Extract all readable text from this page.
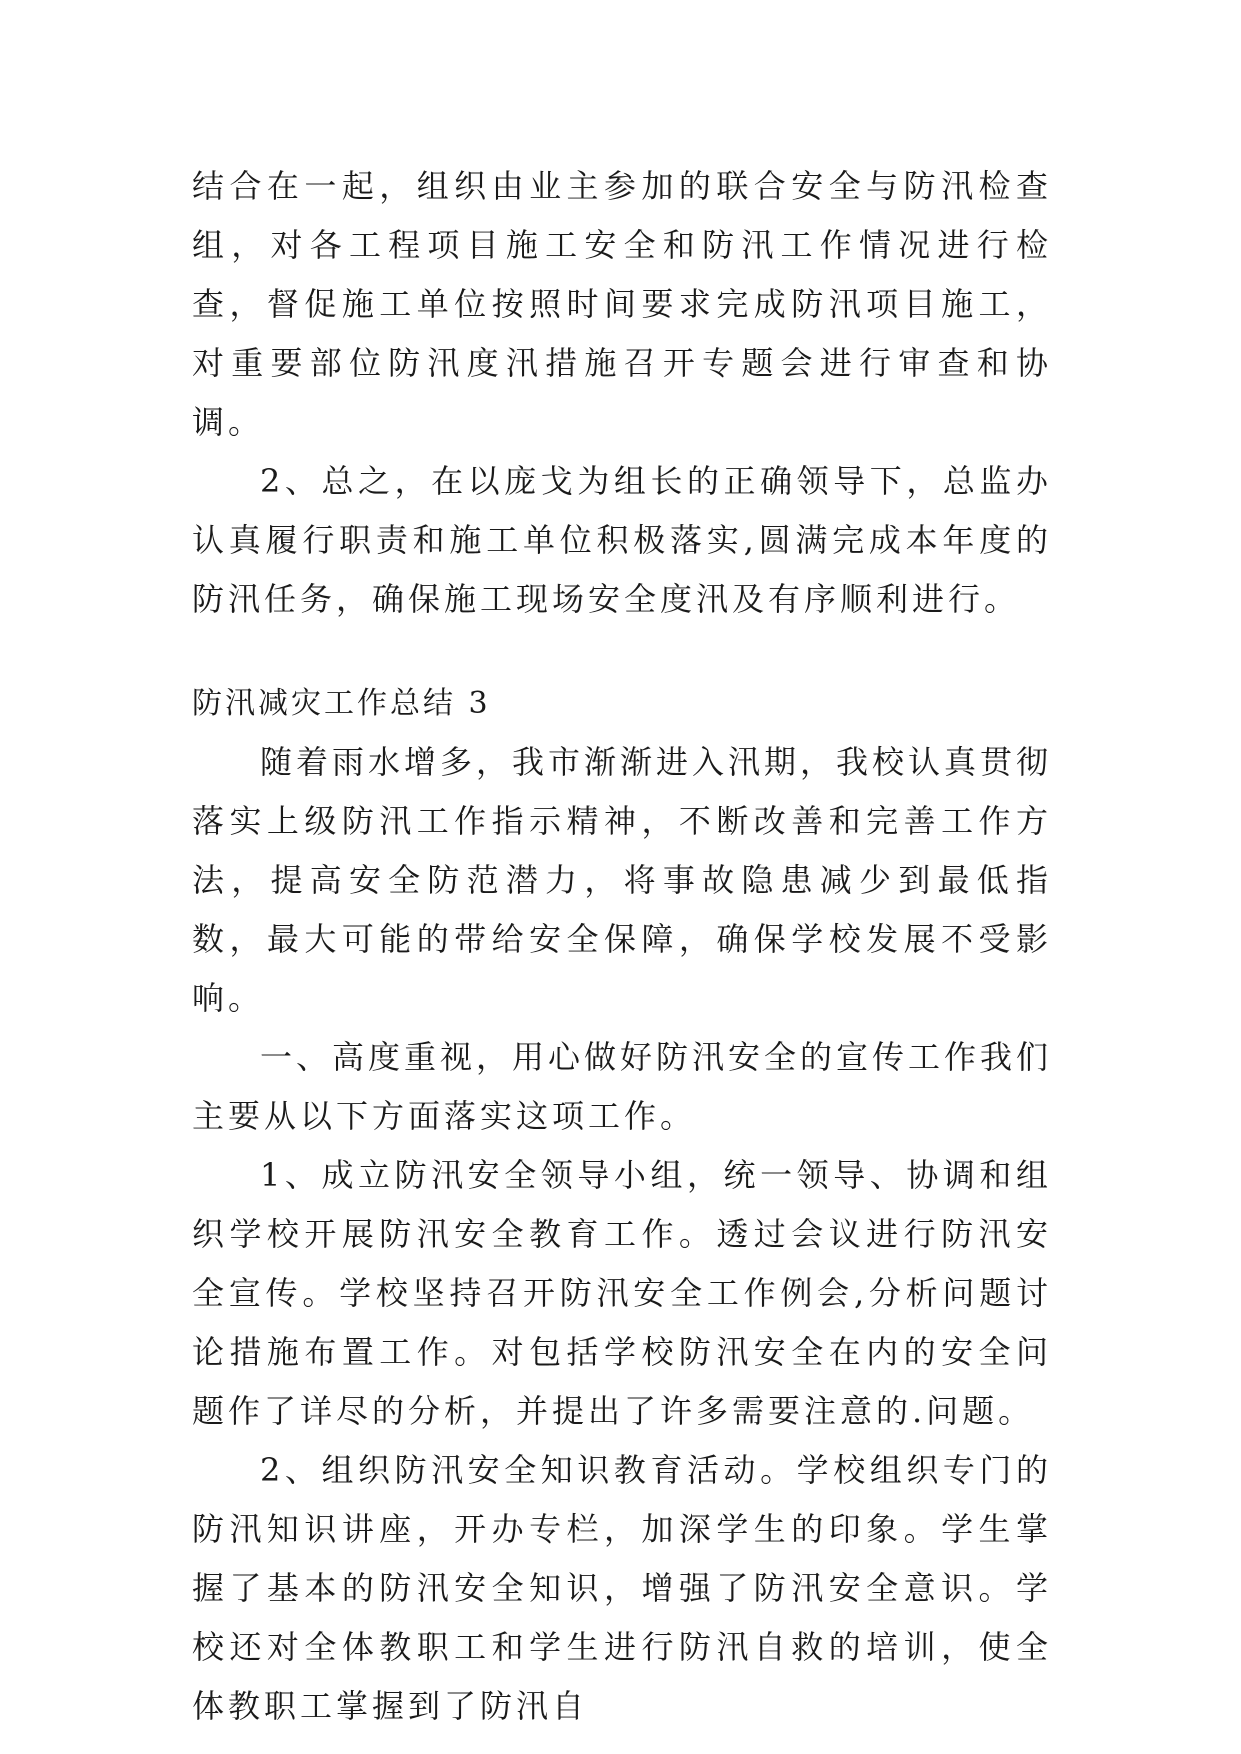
结合在一起，组织由业主参加的联合安全与防汛检查组，对各工程项目施工安全和防汛工作情况进行检查，督促施工单位按照时间要求完成防汛项目施工，对重要部位防汛度汛措施召开专题会进行审查和协调。

2、总之，在以庞戈为组长的正确领导下，总监办认真履行职责和施工单位积极落实,圆满完成本年度的防汛任务，确保施工现场安全度汛及有序顺利进行。

防汛减灾工作总结 3

随着雨水增多，我市渐渐进入汛期，我校认真贯彻落实上级防汛工作指示精神，不断改善和完善工作方法，提高安全防范潜力，将事故隐患减少到最低指数，最大可能的带给安全保障，确保学校发展不受影响。

一、高度重视，用心做好防汛安全的宣传工作我们主要从以下方面落实这项工作。

1、成立防汛安全领导小组，统一领导、协调和组织学校开展防汛安全教育工作。透过会议进行防汛安全宣传。学校坚持召开防汛安全工作例会,分析问题讨论措施布置工作。对包括学校防汛安全在内的安全问题作了详尽的分析，并提出了许多需要注意的.问题。

2、组织防汛安全知识教育活动。学校组织专门的防汛知识讲座，开办专栏，加深学生的印象。学生掌握了基本的防汛安全知识，增强了防汛安全意识。学校还对全体教职工和学生进行防汛自救的培训，使全体教职工掌握到了防汛自
